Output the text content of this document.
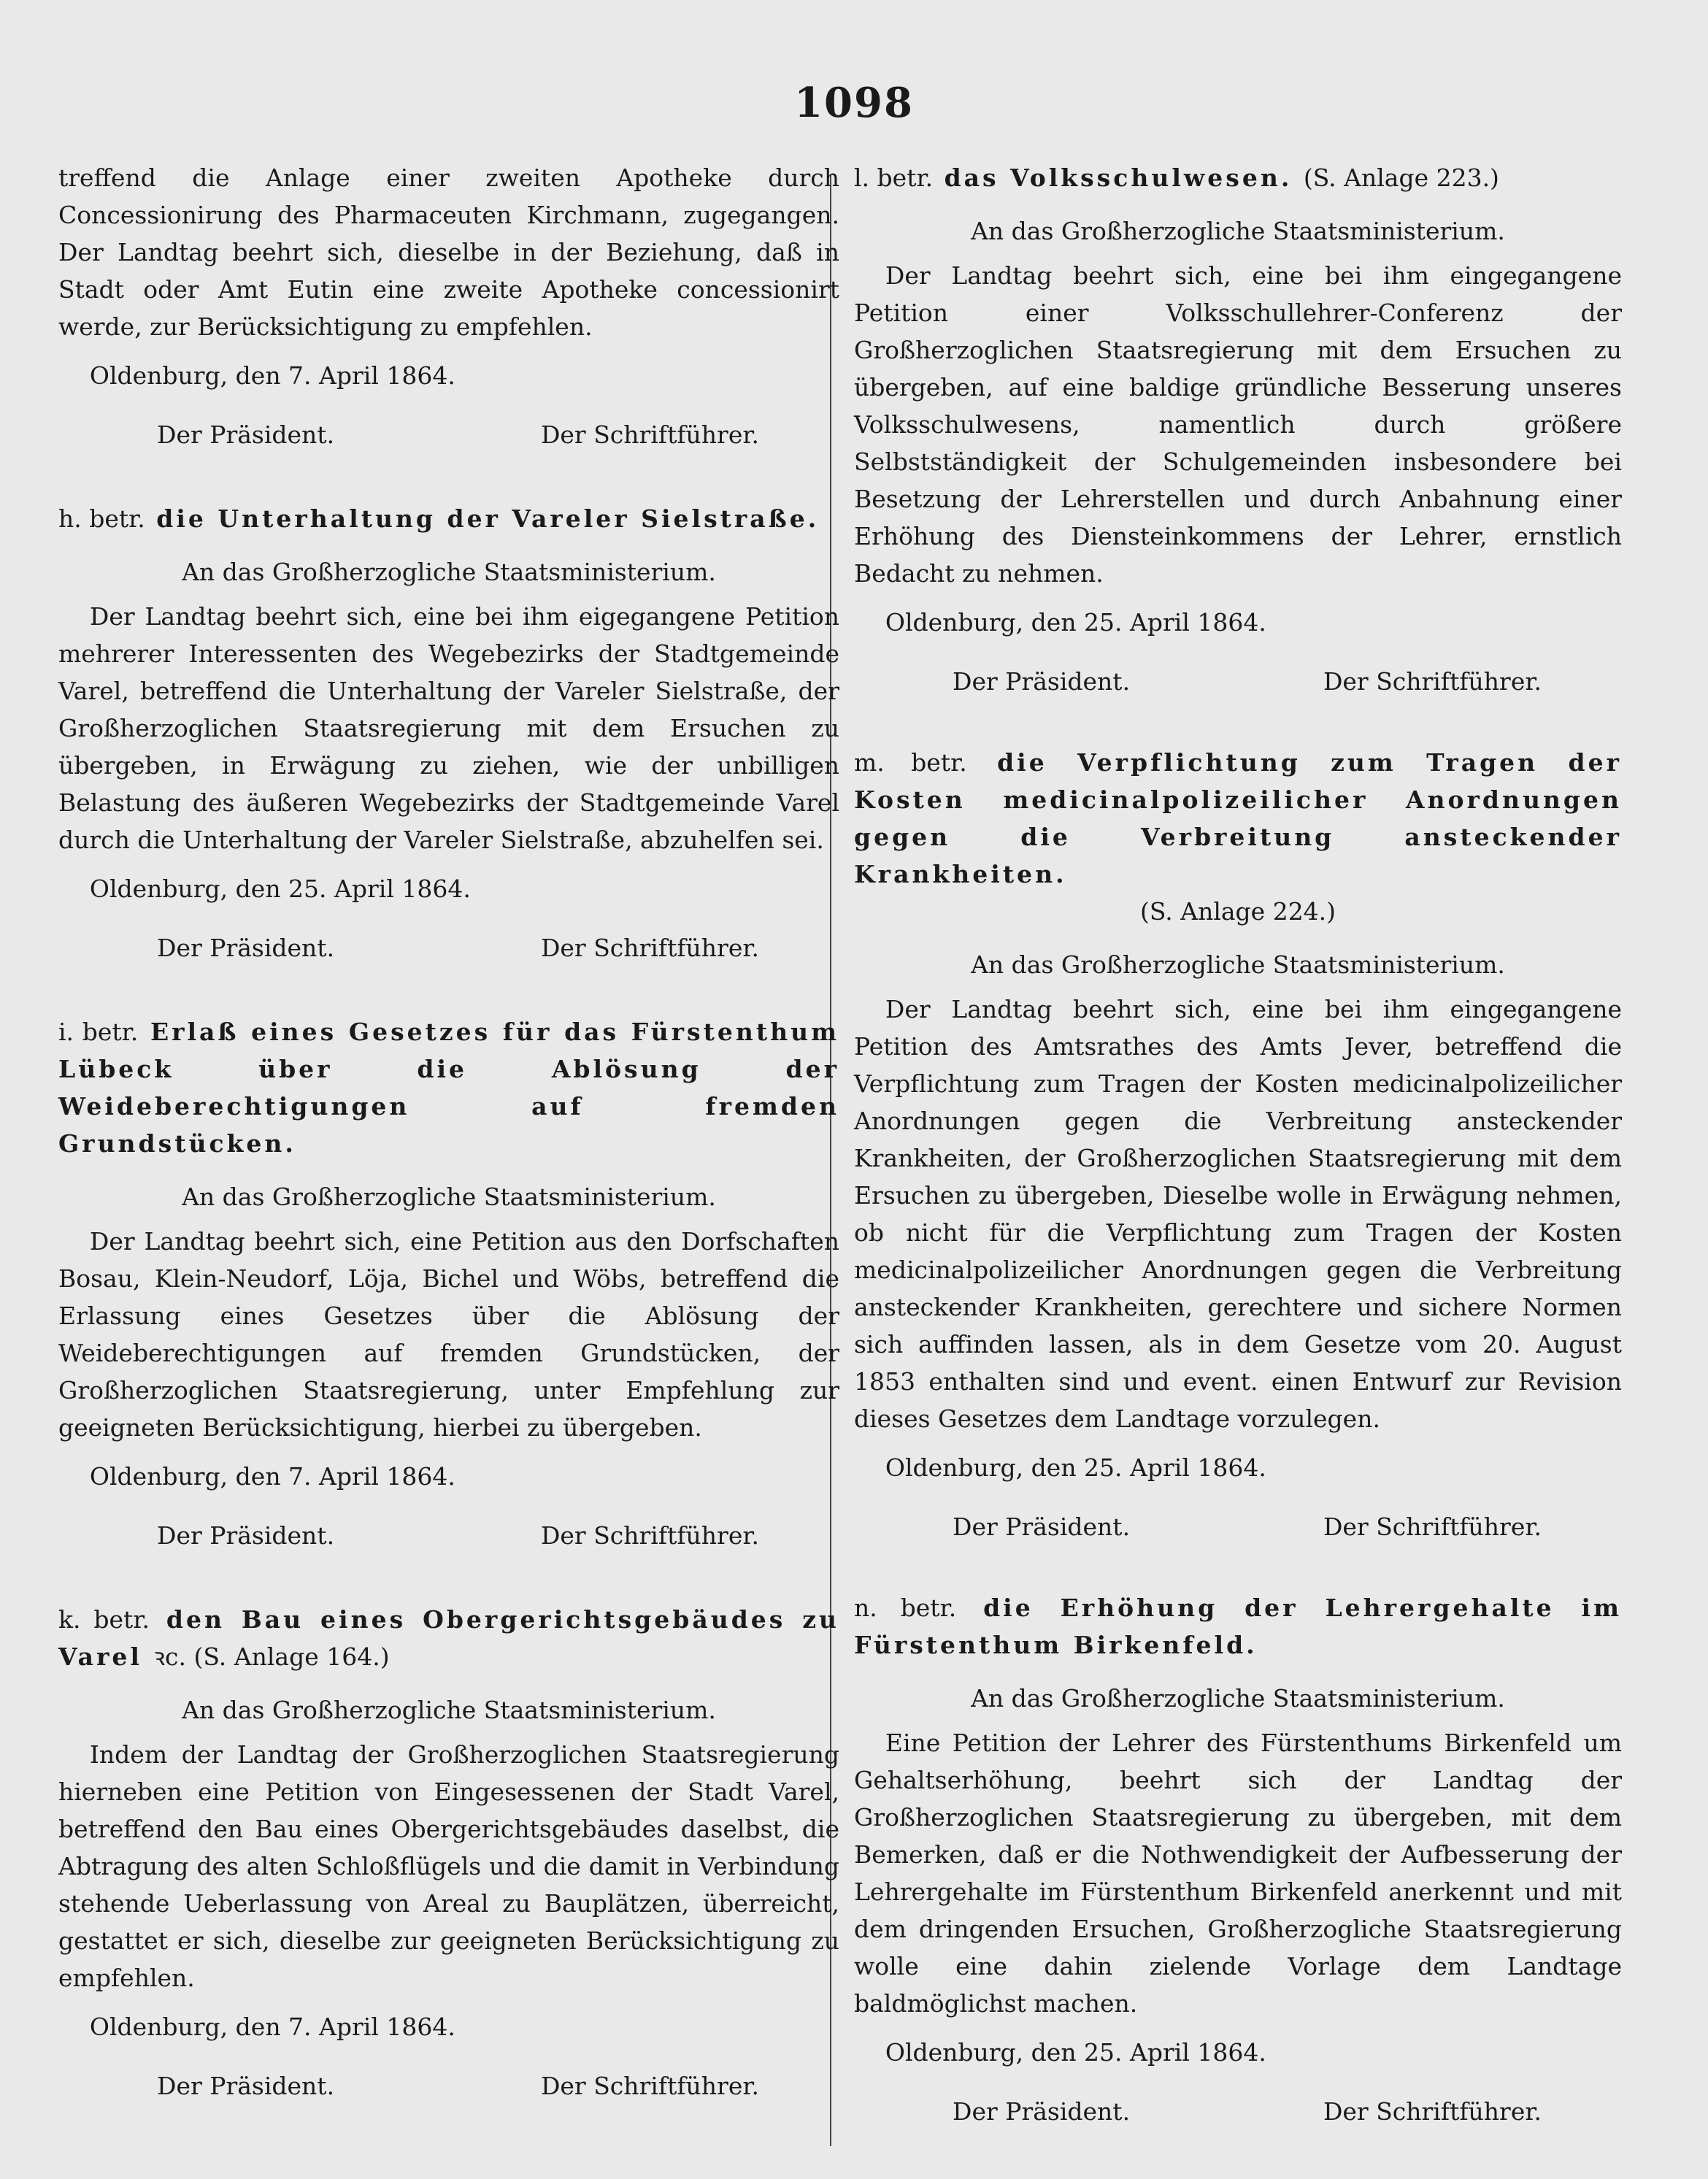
1098

treffend die Anlage einer zweiten Apotheke durch Concessionirung des Pharmaceuten Kirchmann, zugegangen. Der Landtag beehrt sich, dieselbe in der Beziehung, daß in Stadt oder Amt Eutin eine zweite Apotheke concessionirt werde, zur Berücksichtigung zu empfehlen.

Oldenburg, den 7. April 1864.

Der Präsident.	Der Schriftführer.

h. betr. die Unterhaltung der Vareler Sielstraße.

An das Großherzogliche Staatsministerium.

Der Landtag beehrt sich, eine bei ihm eigegangene Petition mehrerer Interessenten des Wegebezirks der Stadtgemeinde Varel, betreffend die Unterhaltung der Vareler Sielstraße, der Großherzoglichen Staatsregierung mit dem Ersuchen zu übergeben, in Erwägung zu ziehen, wie der unbilligen Belastung des äußeren Wegebezirks der Stadtgemeinde Varel durch die Unterhaltung der Vareler Sielstraße, abzuhelfen sei.

Oldenburg, den 25. April 1864.

Der Präsident.	Der Schriftführer.

i. betr. Erlaß eines Gesetzes für das Fürstenthum Lübeck über die Ablösung der Weideberechtigungen auf fremden Grundstücken.

An das Großherzogliche Staatsministerium.

Der Landtag beehrt sich, eine Petition aus den Dorfschaften Bosau, Klein-Neudorf, Löja, Bichel und Wöbs, betreffend die Erlassung eines Gesetzes über die Ablösung der Weideberechtigungen auf fremden Grundstücken, der Großherzoglichen Staatsregierung, unter Empfehlung zur geeigneten Berücksichtigung, hierbei zu übergeben.

Oldenburg, den 7. April 1864.

Der Präsident.	Der Schriftführer.

k. betr. den Bau eines Obergerichtsgebäudes zu Varel ꝛc. (S. Anlage 164.)

An das Großherzogliche Staatsministerium.

Indem der Landtag der Großherzoglichen Staatsregierung hierneben eine Petition von Eingesessenen der Stadt Varel, betreffend den Bau eines Obergerichtsgebäudes daselbst, die Abtragung des alten Schloßflügels und die damit in Verbindung stehende Ueberlassung von Areal zu Bauplätzen, überreicht, gestattet er sich, dieselbe zur geeigneten Berücksichtigung zu empfehlen.

Oldenburg, den 7. April 1864.

Der Präsident.	Der Schriftführer.

l. betr. das Volksschulwesen. (S. Anlage 223.)

An das Großherzogliche Staatsministerium.

Der Landtag beehrt sich, eine bei ihm eingegangene Petition einer Volksschullehrer-Conferenz der Großherzoglichen Staatsregierung mit dem Ersuchen zu übergeben, auf eine baldige gründliche Besserung unseres Volksschulwesens, namentlich durch größere Selbstständigkeit der Schulgemeinden insbesondere bei Besetzung der Lehrerstellen und durch Anbahnung einer Erhöhung des Diensteinkommens der Lehrer, ernstlich Bedacht zu nehmen.

Oldenburg, den 25. April 1864.

Der Präsident.	Der Schriftführer.

m. betr. die Verpflichtung zum Tragen der Kosten medicinalpolizeilicher Anordnungen gegen die Verbreitung ansteckender Krankheiten.

(S. Anlage 224.)

An das Großherzogliche Staatsministerium.

Der Landtag beehrt sich, eine bei ihm eingegangene Petition des Amtsrathes des Amts Jever, betreffend die Verpflichtung zum Tragen der Kosten medicinalpolizeilicher Anordnungen gegen die Verbreitung ansteckender Krankheiten, der Großherzoglichen Staatsregierung mit dem Ersuchen zu übergeben, Dieselbe wolle in Erwägung nehmen, ob nicht für die Verpflichtung zum Tragen der Kosten medicinalpolizeilicher Anordnungen gegen die Verbreitung ansteckender Krankheiten, gerechtere und sichere Normen sich auffinden lassen, als in dem Gesetze vom 20. August 1853 enthalten sind und event. einen Entwurf zur Revision dieses Gesetzes dem Landtage vorzulegen.

Oldenburg, den 25. April 1864.

Der Präsident.	Der Schriftführer.

n. betr. die Erhöhung der Lehrergehalte im Fürstenthum Birkenfeld.

An das Großherzogliche Staatsministerium.

Eine Petition der Lehrer des Fürstenthums Birkenfeld um Gehaltserhöhung, beehrt sich der Landtag der Großherzoglichen Staatsregierung zu übergeben, mit dem Bemerken, daß er die Nothwendigkeit der Aufbesserung der Lehrergehalte im Fürstenthum Birkenfeld anerkennt und mit dem dringenden Ersuchen, Großherzogliche Staatsregierung wolle eine dahin zielende Vorlage dem Landtage baldmöglichst machen.

Oldenburg, den 25. April 1864.

Der Präsident.	Der Schriftführer.
